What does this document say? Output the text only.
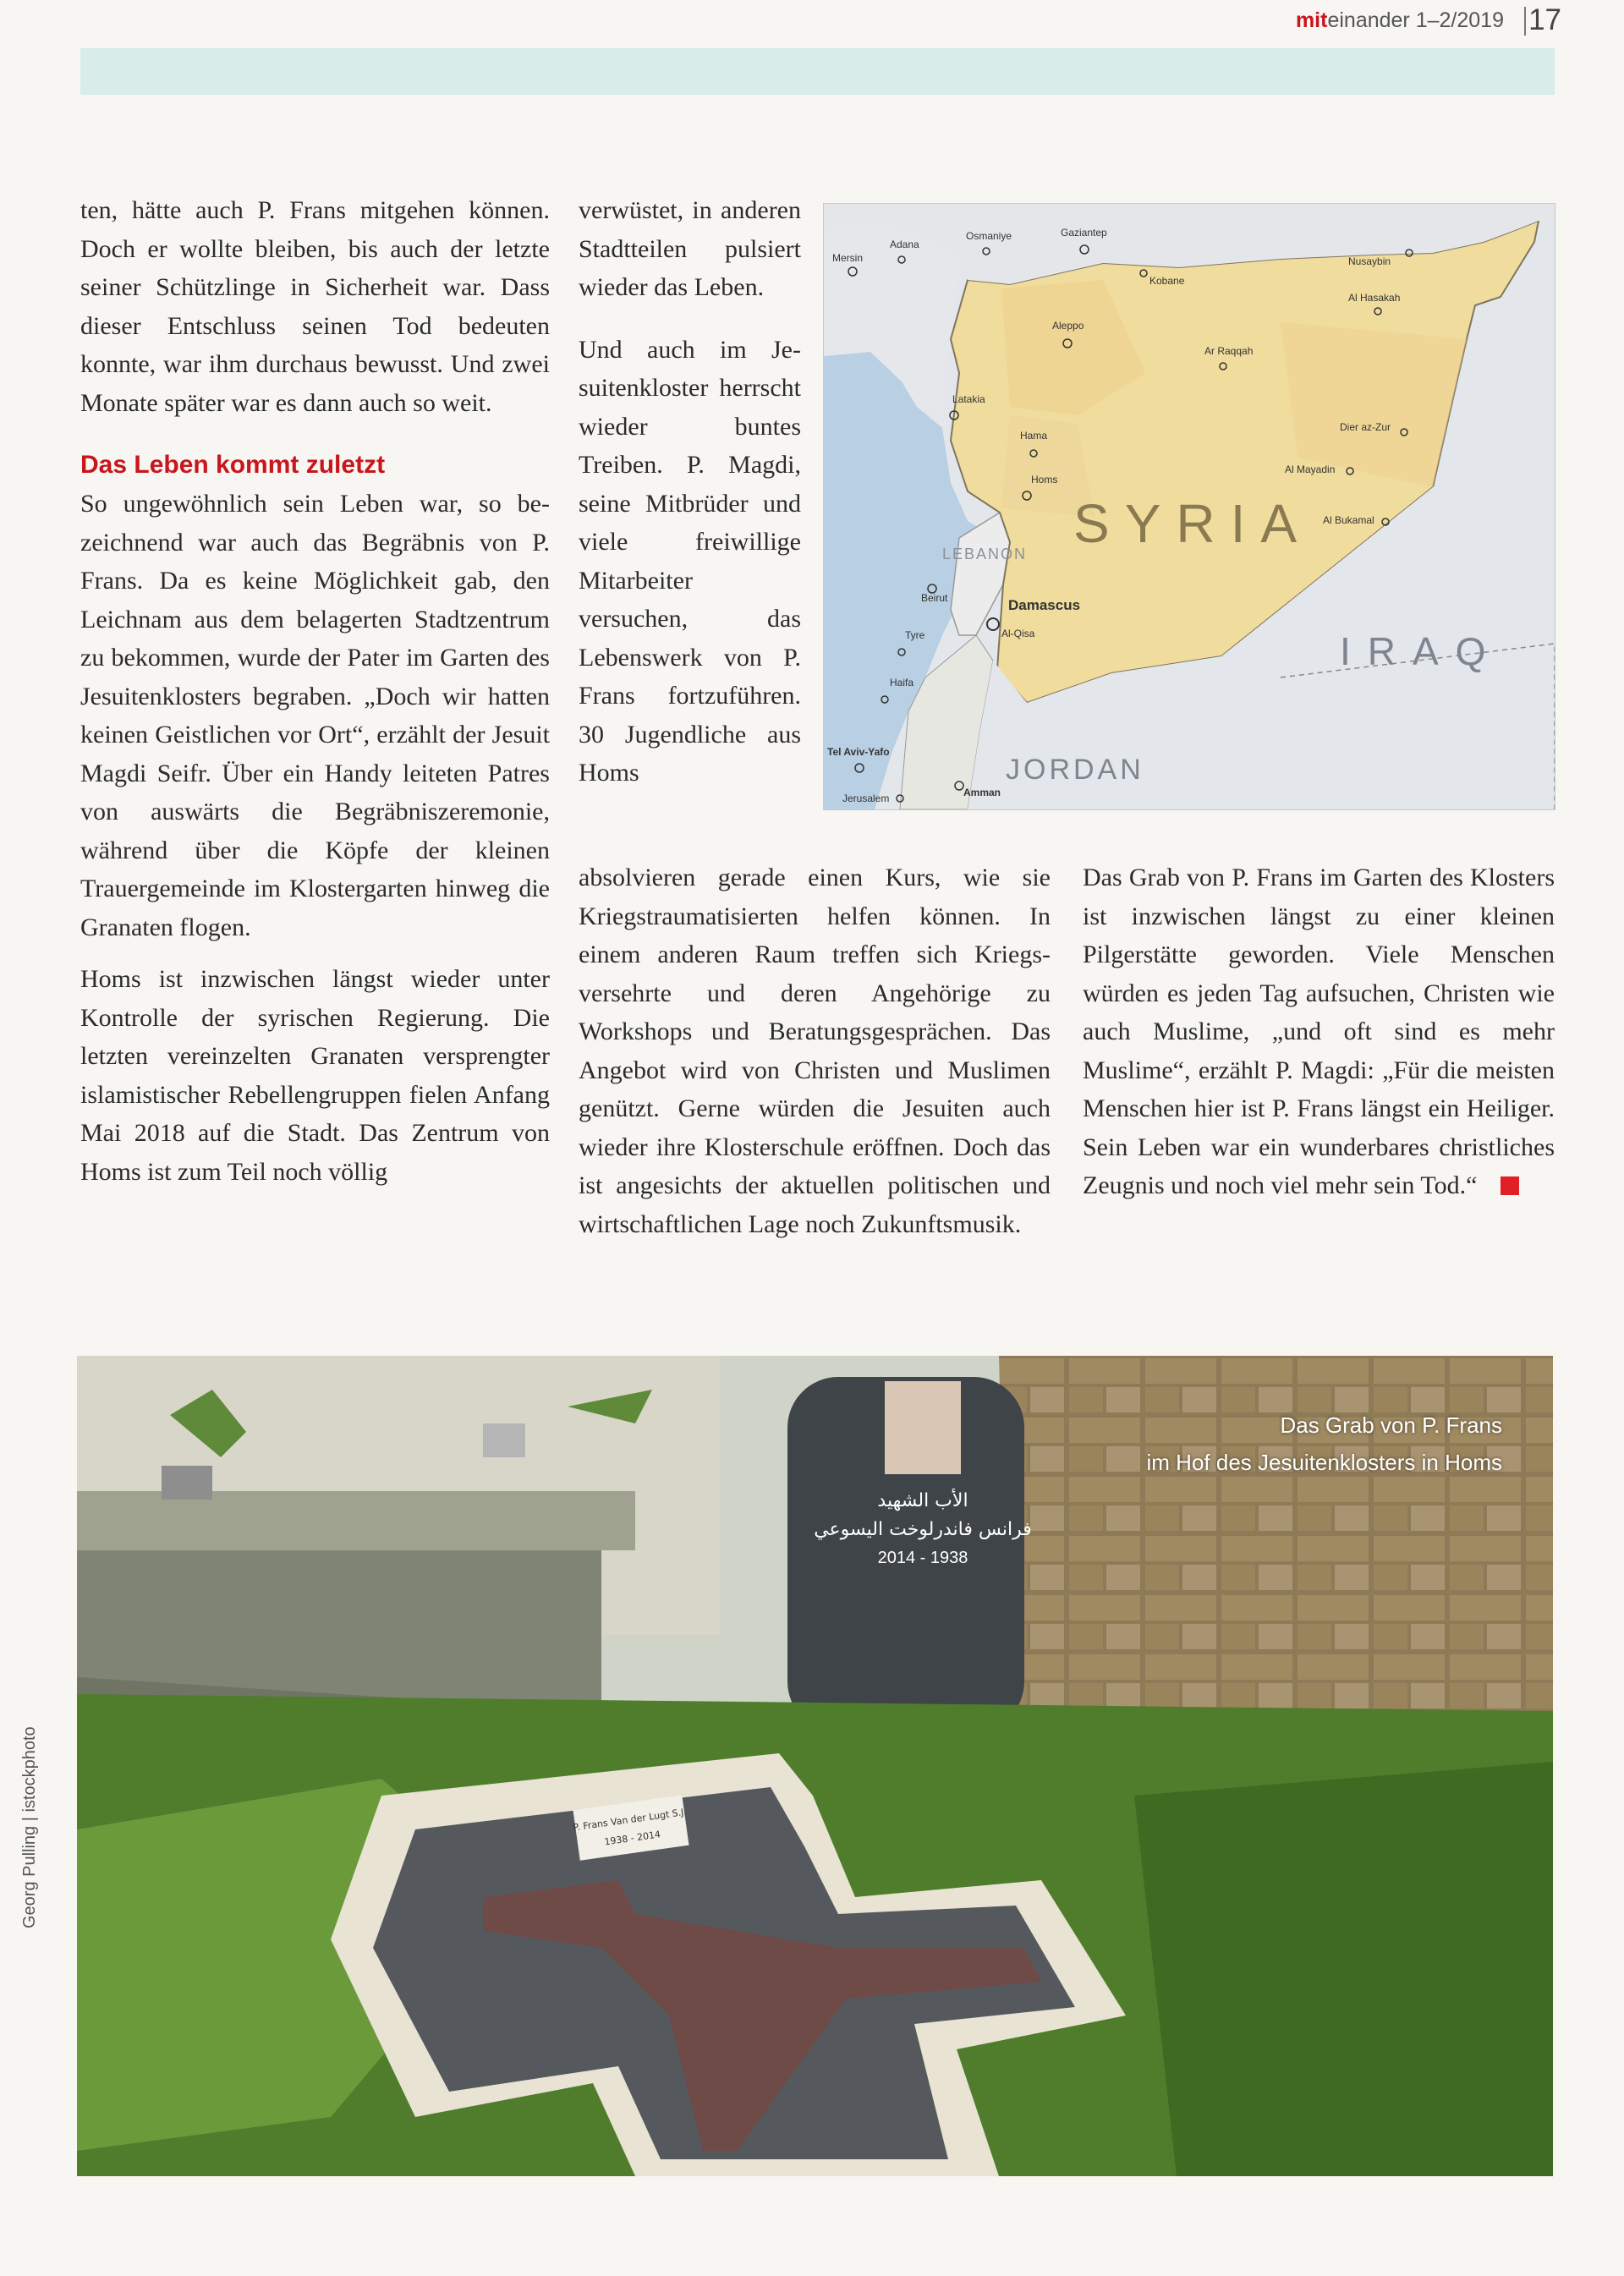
miteinander 1–2/2019 17

ten, hätte auch P. Frans mitgehen können. Doch er wollte bleiben, bis auch der letzte seiner Schützlinge in Sicherheit war. Dass dieser Entschluss seinen Tod bedeuten konnte, war ihm durchaus bewusst. Und zwei Monate später war es dann auch so weit.

Das Leben kommt zuletzt

So ungewöhnlich sein Leben war, so bezeichnend war auch das Begräbnis von P. Frans. Da es keine Möglichkeit gab, den Leichnam aus dem belagerten Stadtzentrum zu bekommen, wurde der Pater im Garten des Jesuitenklosters begraben. „Doch wir hatten keinen Geistlichen vor Ort“, erzählt der Jesuit Magdi Seifr. Über ein Handy leiteten Patres von auswärts die Begräbniszeremonie, während über die Köpfe der kleinen Trauergemeinde im Klostergarten hinweg die Granaten flogen.

Homs ist inzwischen längst wieder unter Kontrolle der syrischen Regierung. Die letzten vereinzelten Granaten versprengter islamistischer Rebellengruppen fielen Anfang Mai 2018 auf die Stadt. Das Zentrum von Homs ist zum Teil noch völlig

verwüstet, in anderen Stadtteilen pulsiert wieder das Leben.

Und auch im Jesuitenkloster herrscht wieder buntes Treiben. P. Magdi, seine Mitbrüder und viele freiwillige Mitarbeiter versuchen, das Lebenswerk von P. Frans fortzuführen. 30 Jugendliche aus Homs

SYRIA
IRAQ
JORDAN
LEBANON
Adana
Osmaniye	Gaziantep
Mersin
Kobane
Nusaybin
Al Hasakah
Aleppo
Ar Raqqah
Latakia
Hama
Dier az-Zur
Al Mayadin
Homs
Al Bukamal
Beirut	Damascus
Al-Qisa
Tyre
Haifa
Tel Aviv-Yafo
Jerusalem	Amman

absolvieren gerade einen Kurs, wie sie Kriegstraumatisierten helfen können. In einem anderen Raum treffen sich Kriegsversehrte und deren Angehörige zu Workshops und Beratungsgesprächen. Das Angebot wird von Christen und Muslimen genützt. Gerne würden die Jesuiten auch wieder ihre Klosterschule eröffnen. Doch das ist angesichts der aktuellen politischen und wirtschaftlichen Lage noch Zukunftsmusik.

Das Grab von P. Frans im Garten des Klosters ist inzwischen längst zu einer kleinen Pilgerstätte geworden. Viele Menschen würden es jeden Tag aufsuchen, Christen wie auch Muslime, „und oft sind es mehr Muslime“, erzählt P. Magdi: „Für die meisten Menschen hier ist P. Frans längst ein Heiliger. Sein Leben war ein wunderbares christliches Zeugnis und noch viel mehr sein Tod.“

الأب الشهيد
فرانس فاندرلوخت اليسوعي
2014 - 1938
P. Frans Van der Lugt S.J.
1938 - 2014
Das Grab von P. Frans
im Hof des Jesuitenklosters in Homs
Georg Pulling | istockphoto
